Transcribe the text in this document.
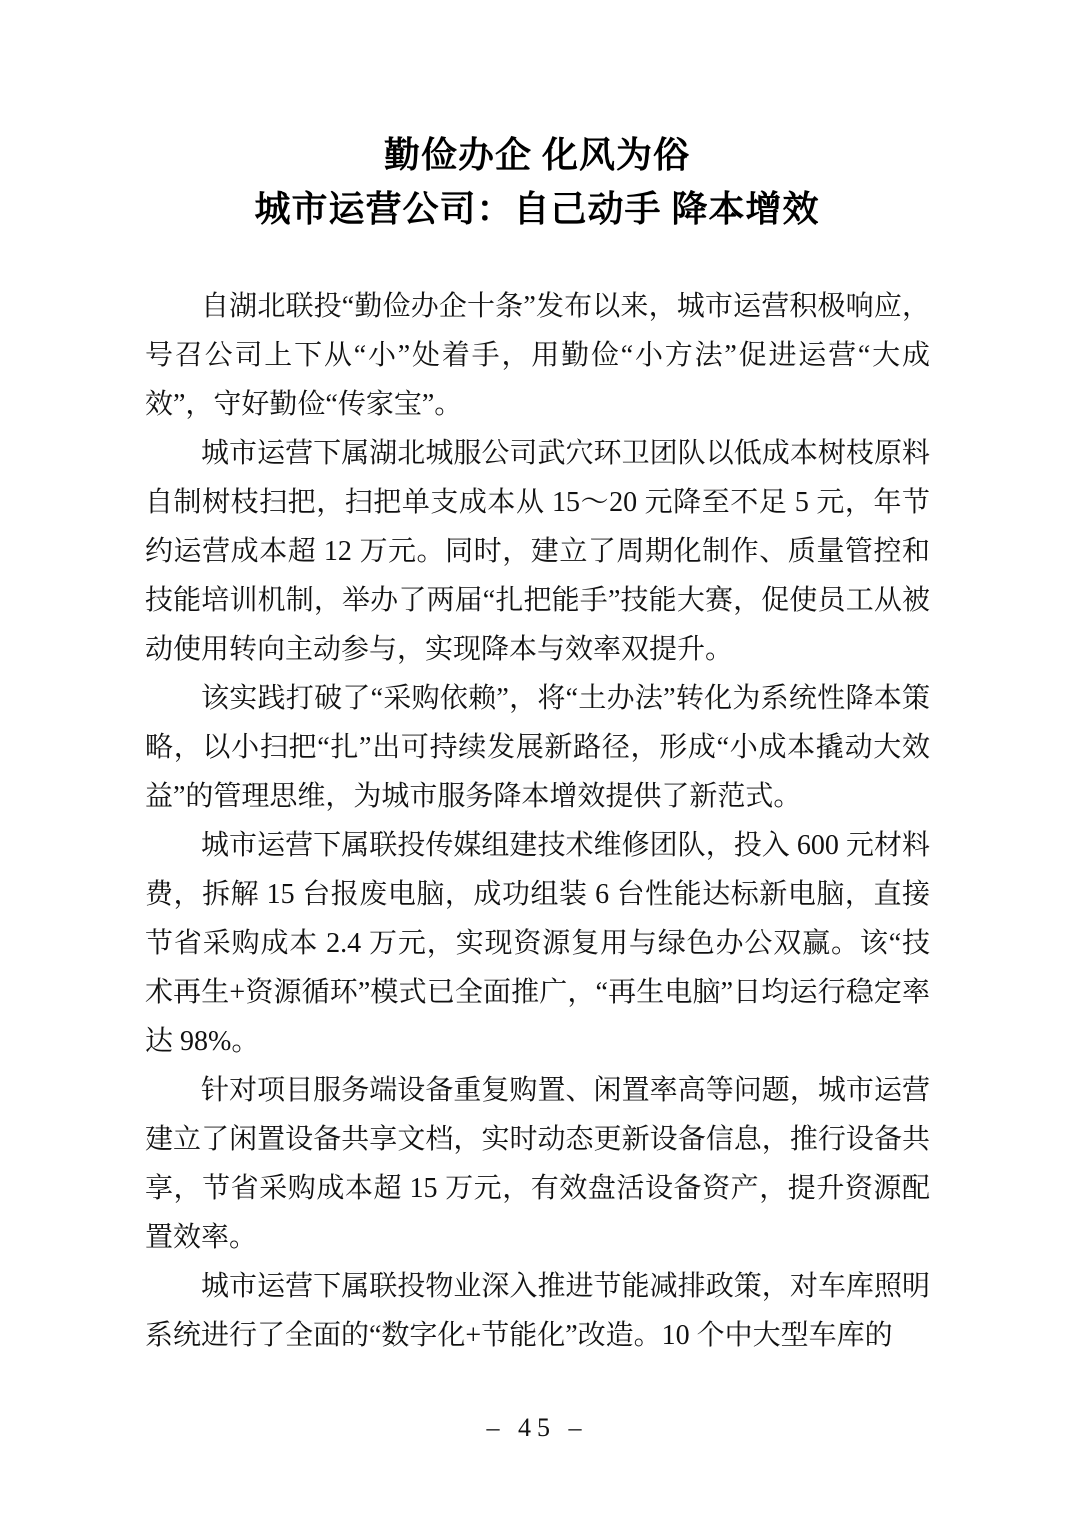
勤俭办企 化风为俗
城市运营公司：自己动手 降本增效

自湖北联投“勤俭办企十条”发布以来，城市运营积极响应，号召公司上下从“小”处着手，用勤俭“小方法”促进运营“大成效”，守好勤俭“传家宝”。

城市运营下属湖北城服公司武穴环卫团队以低成本树枝原料自制树枝扫把，扫把单支成本从 15～20 元降至不足 5 元，年节约运营成本超 12 万元。同时，建立了周期化制作、质量管控和技能培训机制，举办了两届“扎把能手”技能大赛，促使员工从被动使用转向主动参与，实现降本与效率双提升。

该实践打破了“采购依赖”，将“土办法”转化为系统性降本策略，以小扫把“扎”出可持续发展新路径，形成“小成本撬动大效益”的管理思维，为城市服务降本增效提供了新范式。

城市运营下属联投传媒组建技术维修团队，投入 600 元材料费，拆解 15 台报废电脑，成功组装 6 台性能达标新电脑，直接节省采购成本 2.4 万元，实现资源复用与绿色办公双赢。该“技术再生+资源循环”模式已全面推广，“再生电脑”日均运行稳定率达 98%。

针对项目服务端设备重复购置、闲置率高等问题，城市运营建立了闲置设备共享文档，实时动态更新设备信息，推行设备共享，节省采购成本超 15 万元，有效盘活设备资产，提升资源配置效率。

城市运营下属联投物业深入推进节能减排政策，对车库照明系统进行了全面的“数字化+节能化”改造。10 个中大型车库的

– 45 –
